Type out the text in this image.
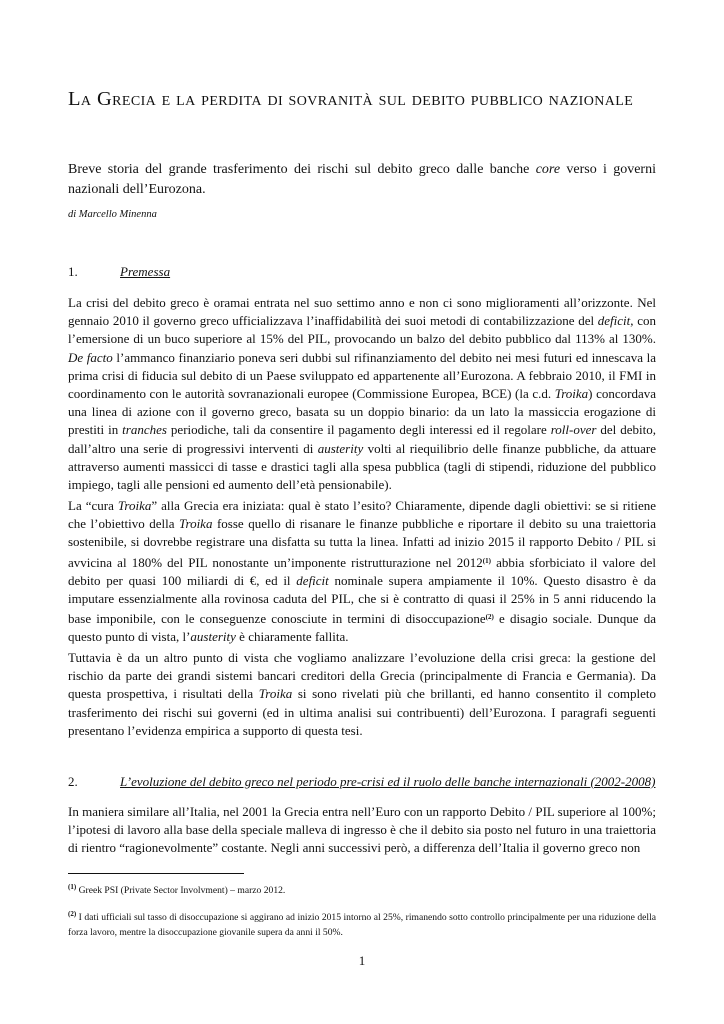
La Grecia e la perdita di sovranità sul debito pubblico nazionale

Breve storia del grande trasferimento dei rischi sul debito greco dalle banche core verso i governi nazionali dell’Eurozona.

di Marcello Minenna

1.	Premessa

La crisi del debito greco è oramai entrata nel suo settimo anno e non ci sono miglioramenti all’orizzonte. Nel gennaio 2010 il governo greco ufficializzava l’inaffidabilità dei suoi metodi di contabilizzazione del deficit, con l’emersione di un buco superiore al 15% del PIL, provocando un balzo del debito pubblico dal 113% al 130%. De facto l’ammanco finanziario poneva seri dubbi sul rifinanziamento del debito nei mesi futuri ed innescava la prima crisi di fiducia sul debito di un Paese sviluppato ed appartenente all’Eurozona. A febbraio 2010, il FMI in coordinamento con le autorità sovranazionali europee (Commissione Europea, BCE) (la c.d. Troika) concordava una linea di azione con il governo greco, basata su un doppio binario: da un lato la massiccia erogazione di prestiti in tranches periodiche, tali da consentire il pagamento degli interessi ed il regolare roll-over del debito, dall’altro una serie di progressivi interventi di austerity volti al riequilibrio delle finanze pubbliche, da attuare attraverso aumenti massicci di tasse e drastici tagli alla spesa pubblica (tagli di stipendi, riduzione del pubblico impiego, tagli alle pensioni ed aumento dell’età pensionabile).

La “cura Troika” alla Grecia era iniziata: qual è stato l’esito? Chiaramente, dipende dagli obiettivi: se si ritiene che l’obiettivo della Troika fosse quello di risanare le finanze pubbliche e riportare il debito su una traiettoria sostenibile, si dovrebbe registrare una disfatta su tutta la linea. Infatti ad inizio 2015 il rapporto Debito / PIL si avvicina al 180% del PIL nonostante un’imponente ristrutturazione nel 2012$^{(1)}$ abbia sforbiciato il valore del debito per quasi 100 miliardi di €, ed il deficit nominale supera ampiamente il 10%. Questo disastro è da imputare essenzialmente alla rovinosa caduta del PIL, che si è contratto di quasi il 25% in 5 anni riducendo la base imponibile, con le conseguenze conosciute in termini di disoccupazione$^{(2)}$ e disagio sociale. Dunque da questo punto di vista, l’austerity è chiaramente fallita.

Tuttavia è da un altro punto di vista che vogliamo analizzare l’evoluzione della crisi greca: la gestione del rischio da parte dei grandi sistemi bancari creditori della Grecia (principalmente di Francia e Germania). Da questa prospettiva, i risultati della Troika si sono rivelati più che brillanti, ed hanno consentito il completo trasferimento dei rischi sui governi (ed in ultima analisi sui contribuenti) dell’Eurozona. I paragrafi seguenti presentano l’evidenza empirica a supporto di questa tesi.

2.	L’evoluzione del debito greco nel periodo pre-crisi ed il ruolo delle banche internazionali (2002-2008)

In maniera similare all’Italia, nel 2001 la Grecia entra nell’Euro con un rapporto Debito / PIL superiore al 100%; l’ipotesi di lavoro alla base della speciale malleva di ingresso è che il debito sia posto nel futuro in una traiettoria di rientro “ragionevolmente” costante. Negli anni successivi però, a differenza dell’Italia il governo greco non

$^{(1)}$ Greek PSI (Private Sector Involvment) – marzo 2012.

$^{(2)}$ I dati ufficiali sul tasso di disoccupazione si aggirano ad inizio 2015 intorno al 25%, rimanendo sotto controllo principalmente per una riduzione della forza lavoro, mentre la disoccupazione giovanile supera da anni il 50%.

1
